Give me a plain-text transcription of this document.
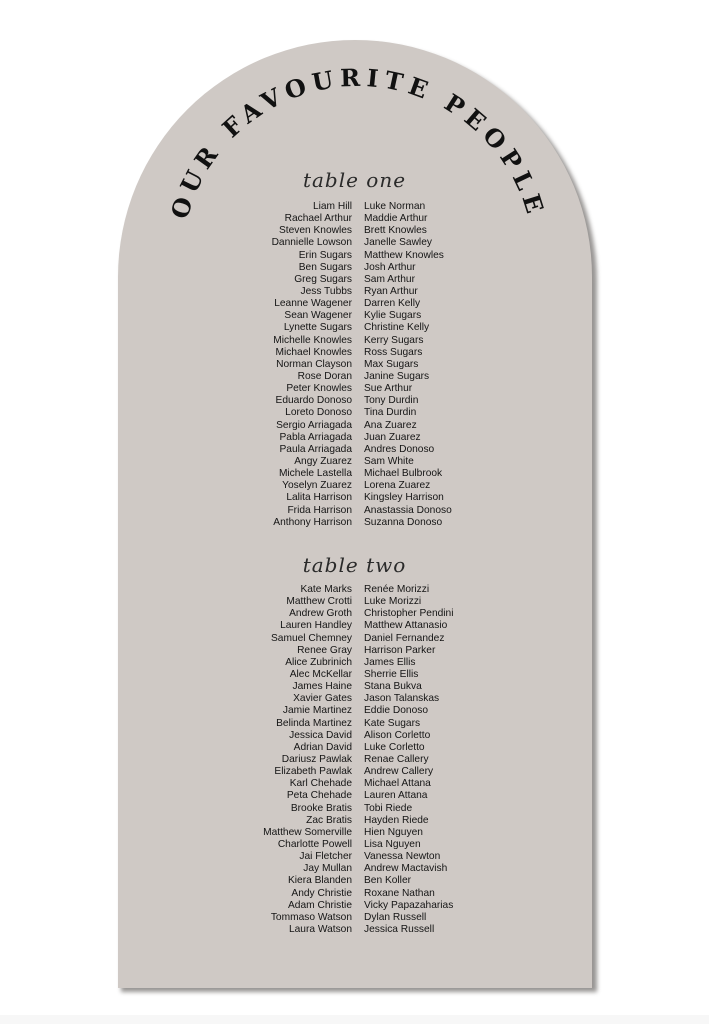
OUR FAVOURITE PEOPLE
table one
Liam Hill Luke Norman
Rachael Arthur Maddie Arthur
Steven Knowles Brett Knowles
Dannielle Lowson Janelle Sawley
Erin Sugars Matthew Knowles
Ben Sugars Josh Arthur
Greg Sugars Sam Arthur
Jess Tubbs Ryan Arthur
Leanne Wagener Darren Kelly
Sean Wagener Kylie Sugars
Lynette Sugars Christine Kelly
Michelle Knowles Kerry Sugars
Michael Knowles Ross Sugars
Norman Clayson Max Sugars
Rose Doran Janine Sugars
Peter Knowles Sue Arthur
Eduardo Donoso Tony Durdin
Loreto Donoso Tina Durdin
Sergio Arriagada Ana Zuarez
Pabla Arriagada Juan Zuarez
Paula Arriagada Andres Donoso
Angy Zuarez Sam White
Michele Lastella Michael Bulbrook
Yoselyn Zuarez Lorena Zuarez
Lalita Harrison Kingsley Harrison
Frida Harrison Anastassia Donoso
Anthony Harrison Suzanna Donoso
table two
Kate Marks Renée Morizzi
Matthew Crotti Luke Morizzi
Andrew Groth Christopher Pendini
Lauren Handley Matthew Attanasio
Samuel Chemney Daniel Fernandez
Renee Gray Harrison Parker
Alice Zubrinich James Ellis
Alec McKellar Sherrie Ellis
James Haine Stana Bukva
Xavier Gates Jason Talanskas
Jamie Martinez Eddie Donoso
Belinda Martinez Kate Sugars
Jessica David Alison Corletto
Adrian David Luke Corletto
Dariusz Pawlak Renae Callery
Elizabeth Pawlak Andrew Callery
Karl Chehade Michael Attana
Peta Chehade Lauren Attana
Brooke Bratis Tobi Riede
Zac Bratis Hayden Riede
Matthew Somerville Hien Nguyen
Charlotte Powell Lisa Nguyen
Jai Fletcher Vanessa Newton
Jay Mullan Andrew Mactavish
Kiera Blanden Ben Koller
Andy Christie Roxane Nathan
Adam Christie Vicky Papazaharias
Tommaso Watson Dylan Russell
Laura Watson Jessica Russell
